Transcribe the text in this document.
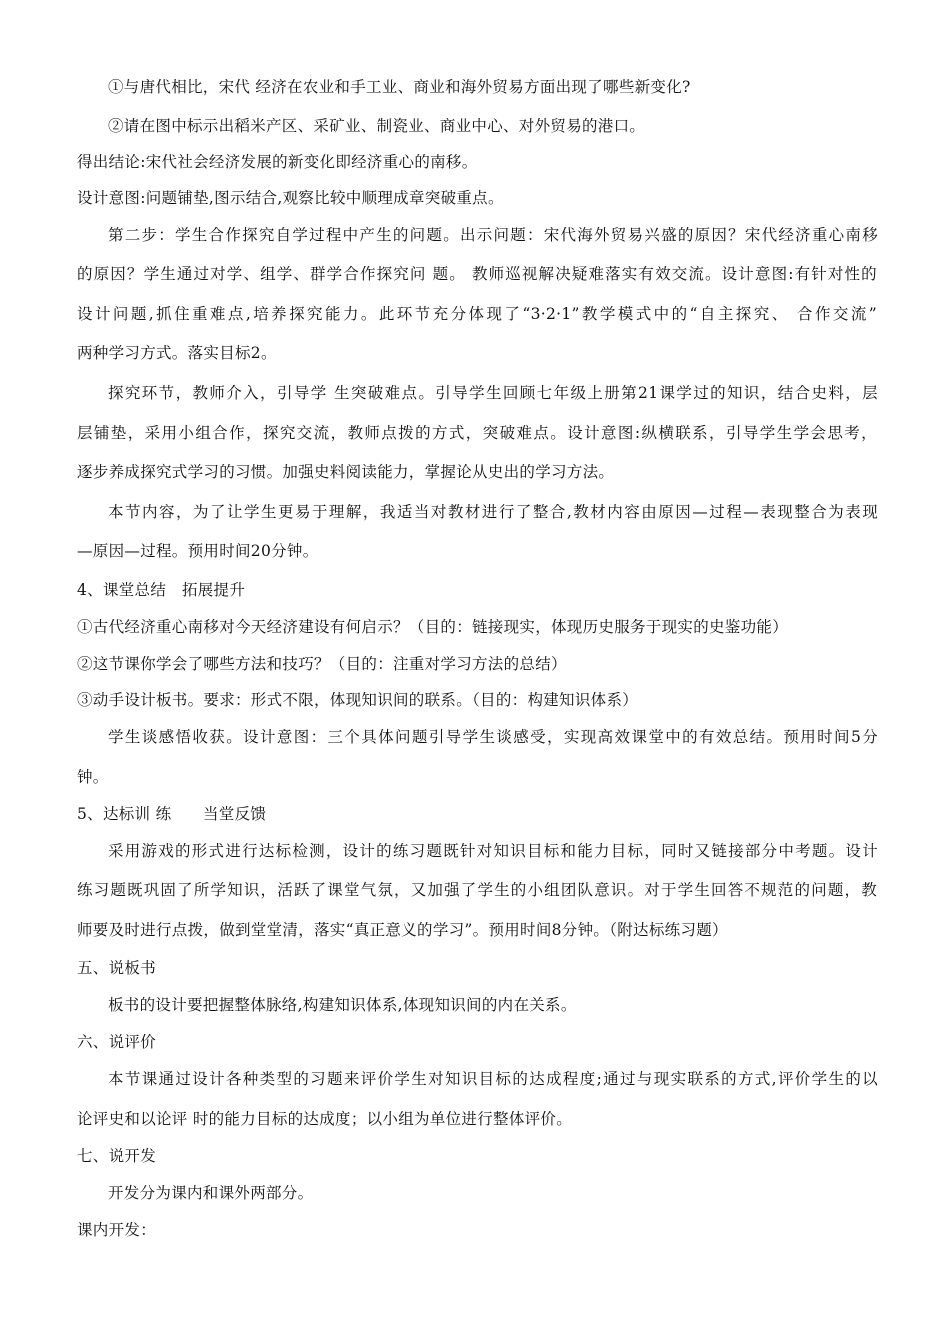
①与唐代相比，宋代 经济在农业和手工业、商业和海外贸易方面出现了哪些新变化?
②请在图中标示出稻米产区、采矿业、制瓷业、商业中心、对外贸易的港口。
得出结论:宋代社会经济发展的新变化即经济重心的南移。
设计意图:问题铺垫,图示结合,观察比较中顺理成章突破重点。
第二步：学生合作探究自学过程中产生的问题。出示问题：宋代海外贸易兴盛的原因？宋代经济重心南移
的原因？学生通过对学、组学、群学合作探究问 题。 教师巡视解决疑难落实有效交流。设计意图:有针对性的
设计问题,抓住重难点,培养探究能力。此环节充分体现了“3·2·1”教学模式中的“自主探究、 合作交流”
两种学习方式。落实目标2。
探究环节，教师介入，引导学 生突破难点。引导学生回顾七年级上册第21课学过的知识，结合史料，层
层铺垫，采用小组合作，探究交流，教师点拨的方式，突破难点。设计意图:纵横联系，引导学生学会思考，
逐步养成探究式学习的习惯。加强史料阅读能力，掌握论从史出的学习方法。
本节内容，为了让学生更易于理解，我适当对教材进行了整合,教材内容由原因—过程—表现整合为表现
—原因—过程。预用时间20分钟。
4、课堂总结　拓展提升
①古代经济重心南移对今天经济建设有何启示？（目的：链接现实，体现历史服务于现实的史鉴功能）
②这节课你学会了哪些方法和技巧？（目的：注重对学习方法的总结）
③动手设计板书。要求：形式不限，体现知识间的联系。（目的：构建知识体系）
学生谈感悟收获。设计意图：三个具体问题引导学生谈感受，实现高效课堂中的有效总结。预用时间5分
钟。
5、达标训 练　　当堂反馈
采用游戏的形式进行达标检测，设计的练习题既针对知识目标和能力目标，同时又链接部分中考题。设计
练习题既巩固了所学知识，活跃了课堂气氛，又加强了学生的小组团队意识。对于学生回答不规范的问题，教
师要及时进行点拨，做到堂堂清，落实“真正意义的学习”。预用时间8分钟。（附达标练习题）
五、说板书
板书的设计要把握整体脉络,构建知识体系,体现知识间的内在关系。
六、说评价
本节课通过设计各种类型的习题来评价学生对知识目标的达成程度;通过与现实联系的方式,评价学生的以
论评史和以论评 时的能力目标的达成度；以小组为单位进行整体评价。
七、说开发
开发分为课内和课外两部分。
课内开发：
